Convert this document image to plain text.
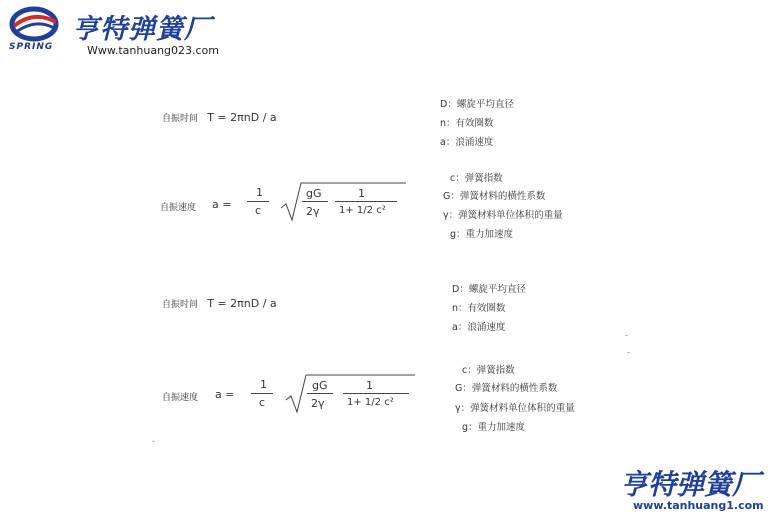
SPRING
亨特弹簧厂
Www.tanhuang023.com
自振时间 T = 2πnD / a
D：螺旋平均直径
n：有效圈数
a：浪涌速度
自振速度 a =
1
c
gG
2γ
1
1+ 1/2 c²
c：弹簧指数
G：弹簧材料的横性系数
γ：弹簧材料单位体积的重量
g：重力加速度
自振时间 T = 2πnD / a
D：螺旋平均直径
n：有效圈数
a：浪涌速度
自振速度 a =
1
c
gG
2γ
1
1+ 1/2 c²
c：弹簧指数
G：弹簧材料的横性系数
γ：弹簧材料单位体积的重量
g：重力加速度
亨特弹簧厂
www.tanhuang1.com
